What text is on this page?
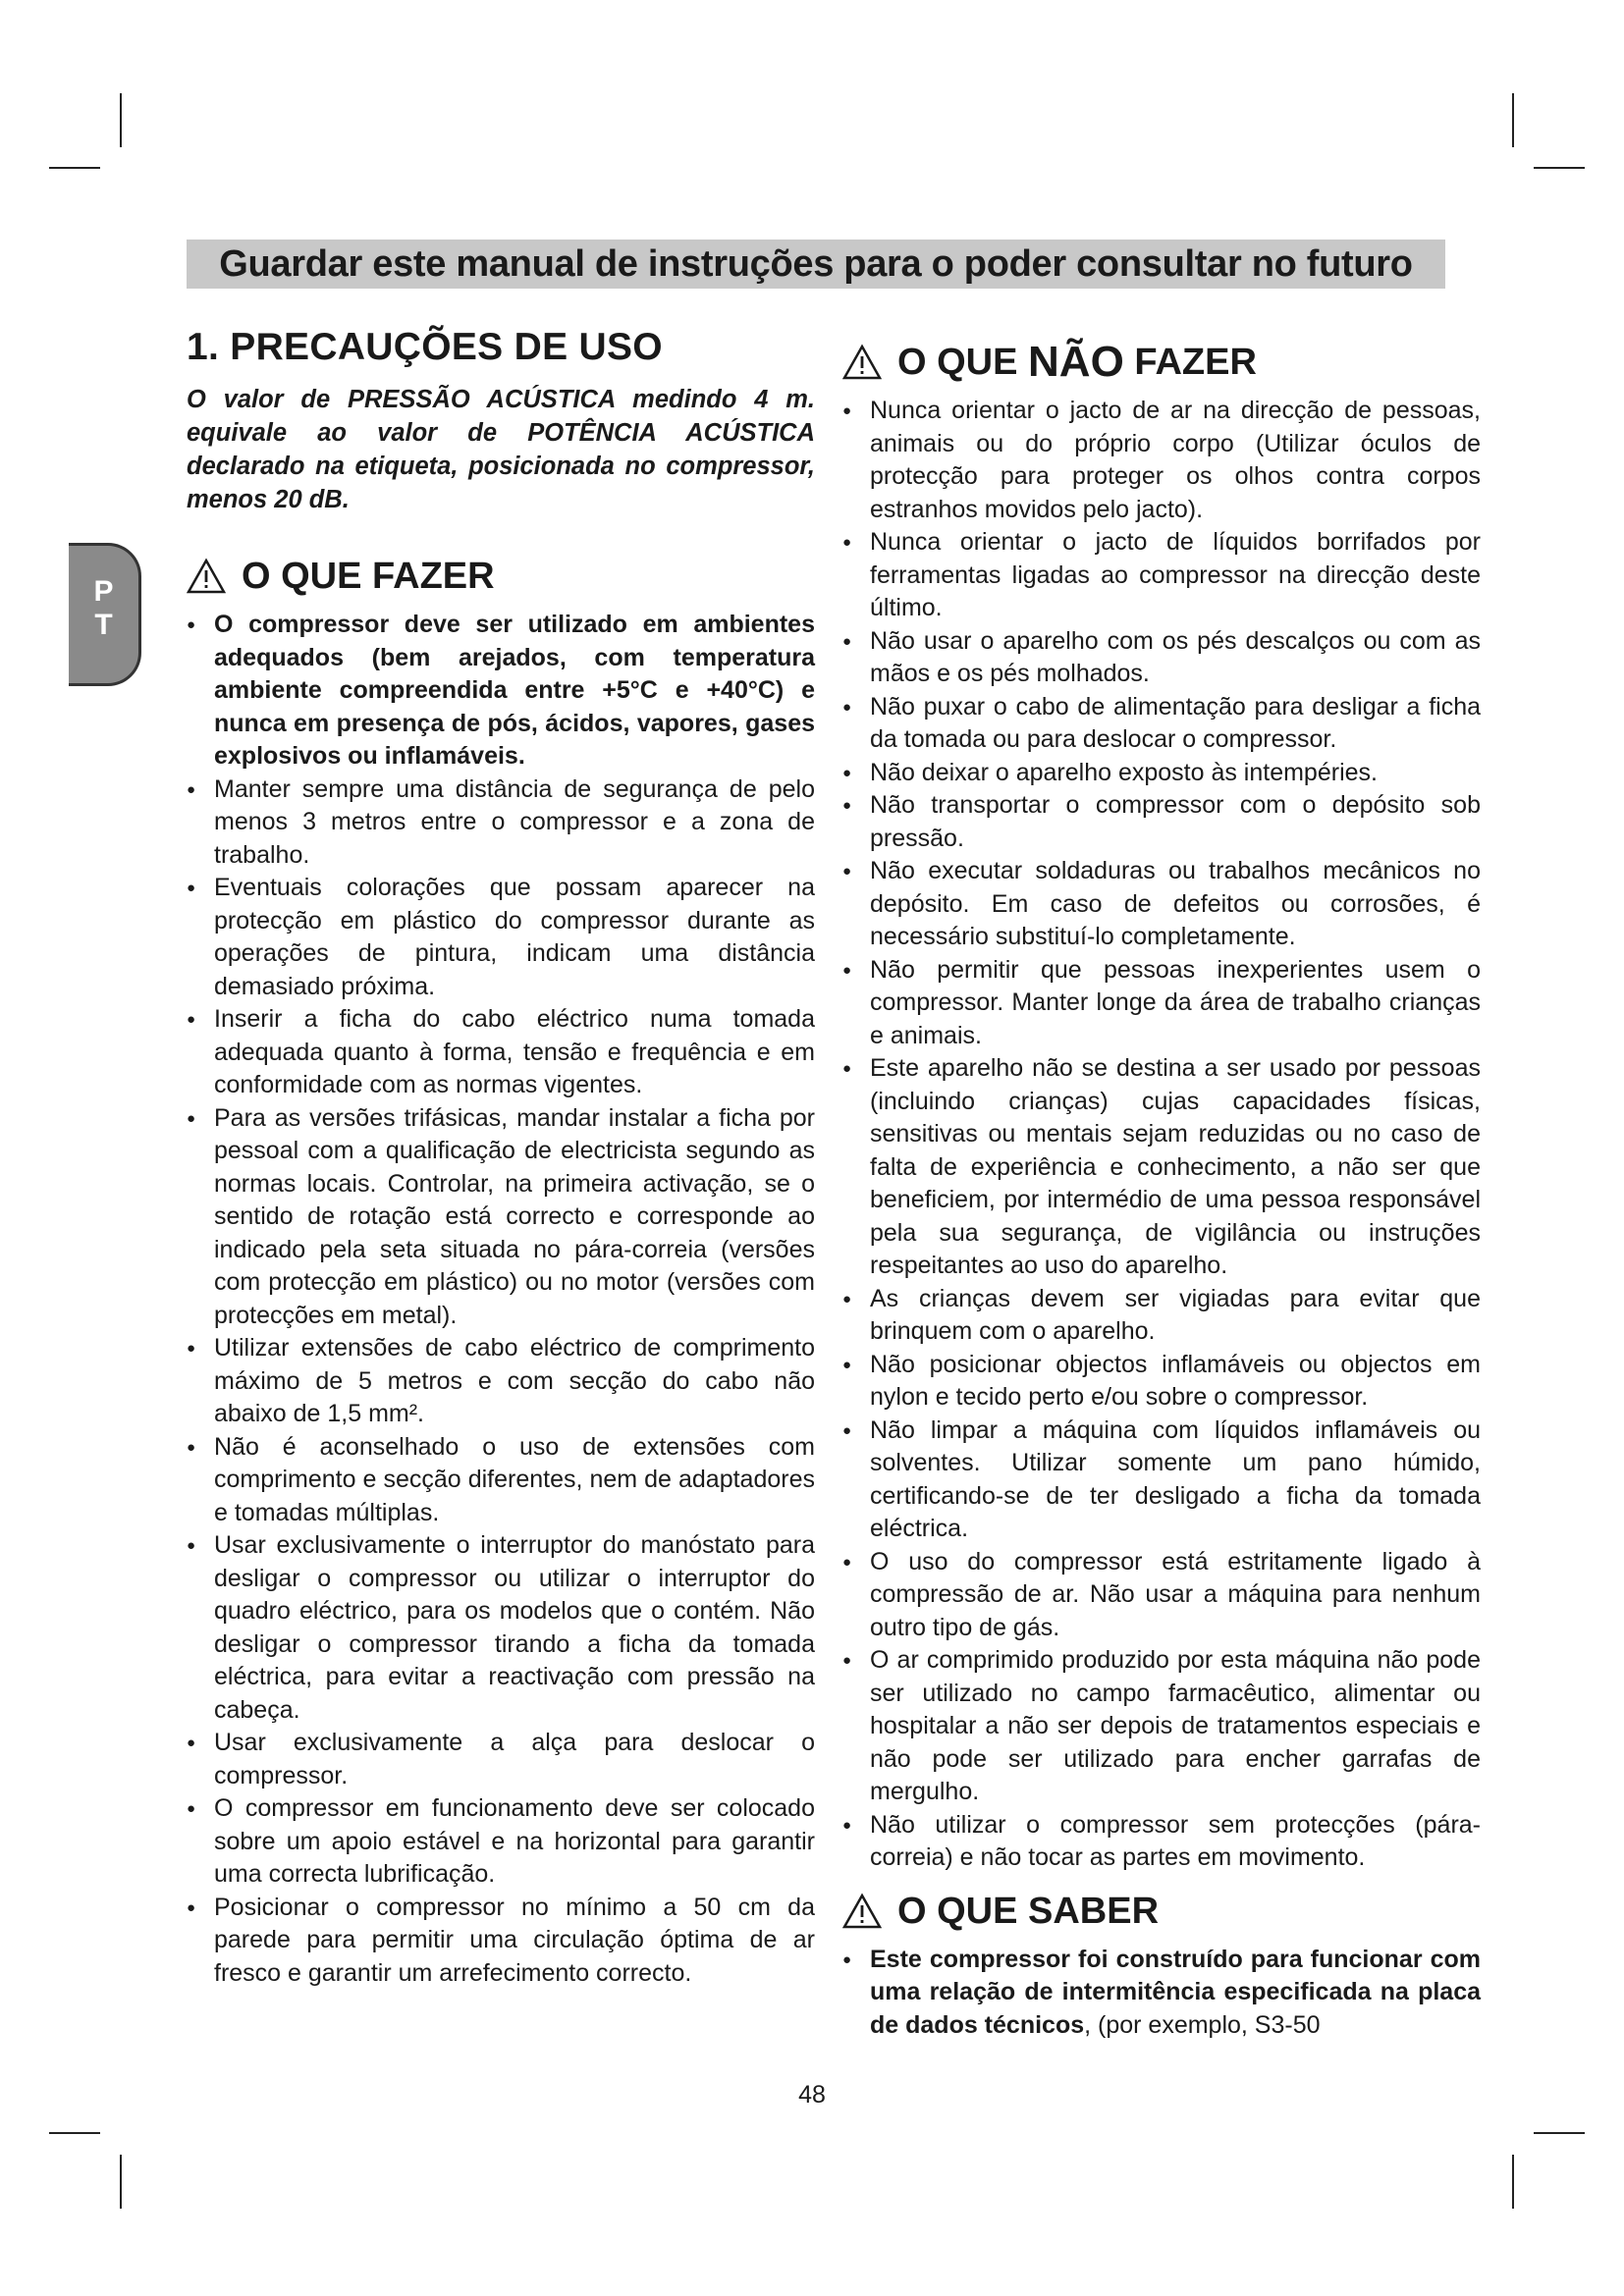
Guardar este manual de instruções para o poder consultar no futuro
P
T
1. PRECAUÇÕES DE USO

O valor de PRESSÃO ACÚSTICA medindo 4 m. equivale ao valor de POTÊNCIA ACÚSTICA declarado na etiqueta, posicionada no compressor, menos 20 dB.

O QUE FAZER
● O compressor deve ser utilizado em ambientes adequados (bem arejados, com temperatura ambiente compreendida entre +5°C e +40°C) e nunca em presença de pós, ácidos, vapores, gases explosivos ou inflamáveis.
● Manter sempre uma distância de segurança de pelo menos 3 metros entre o compressor e a zona de trabalho.
● Eventuais colorações que possam aparecer na protecção em plástico do compressor durante as operações de pintura, indicam uma distância demasiado próxima.
● Inserir a ficha do cabo eléctrico numa tomada adequada quanto à forma, tensão e frequência e em conformidade com as normas vigentes.
● Para as versões trifásicas, mandar instalar a ficha por pessoal com a qualificação de electricista segundo as normas locais. Controlar, na primeira activação, se o sentido de rotação está correcto e corresponde ao indicado pela seta situada no pára-correia (versões com protecção em plástico) ou no motor (versões com protecções em metal).
● Utilizar extensões de cabo eléctrico de comprimento máximo de 5 metros e com secção do cabo não abaixo de 1,5 mm².
● Não é aconselhado o uso de extensões com comprimento e secção diferentes, nem de adaptadores e tomadas múltiplas.
● Usar exclusivamente o interruptor do manóstato para desligar o compressor ou utilizar o interruptor do quadro eléctrico, para os modelos que o contém. Não desligar o compressor tirando a ficha da tomada eléctrica, para evitar a reactivação com pressão na cabeça.
● Usar exclusivamente a alça para deslocar o compressor.
● O compressor em funcionamento deve ser colocado sobre um apoio estável e na horizontal para garantir uma correcta lubrificação.
● Posicionar o compressor no mínimo a 50 cm da parede para permitir uma circulação óptima de ar fresco e garantir um arrefecimento correcto.
O QUE NÃO FAZER
● Nunca orientar o jacto de ar na direcção de pessoas, animais ou do próprio corpo (Utilizar óculos de protecção para proteger os olhos contra corpos estranhos movidos pelo jacto).
● Nunca orientar o jacto de líquidos borrifados por ferramentas ligadas ao compressor na direcção deste último.
● Não usar o aparelho com os pés descalços ou com as mãos e os pés molhados.
● Não puxar o cabo de alimentação para desligar a ficha da tomada ou para deslocar o compressor.
● Não deixar o aparelho exposto às intempéries.
● Não transportar o compressor com o depósito sob pressão.
● Não executar soldaduras ou trabalhos mecânicos no depósito. Em caso de defeitos ou corrosões, é necessário substituí-lo completamente.
● Não permitir que pessoas inexperientes usem o compressor. Manter longe da área de trabalho crianças e animais.
● Este aparelho não se destina a ser usado por pessoas (incluindo crianças) cujas capacidades físicas, sensitivas ou mentais sejam reduzidas ou no caso de falta de experiência e conhecimento, a não ser que beneficiem, por intermédio de uma pessoa responsável pela sua segurança, de vigilância ou instruções respeitantes ao uso do aparelho.
● As crianças devem ser vigiadas para evitar que brinquem com o aparelho.
● Não posicionar objectos inflamáveis ou objectos em nylon e tecido perto e/ou sobre o compressor.
● Não limpar a máquina com líquidos inflamáveis ou solventes. Utilizar somente um pano húmido, certificando-se de ter desligado a ficha da tomada eléctrica.
● O uso do compressor está estritamente ligado à compressão de ar. Não usar a máquina para nenhum outro tipo de gás.
● O ar comprimido produzido por esta máquina não pode ser utilizado no campo farmacêutico, alimentar ou hospitalar a não ser depois de tratamentos especiais e não pode ser utilizado para encher garrafas de mergulho.
● Não utilizar o compressor sem protecções (pára-correia) e não tocar as partes em movimento.
O QUE SABER
● Este compressor foi construído para funcionar com uma relação de intermitência especificada na placa de dados técnicos, (por exemplo, S3-50
48
